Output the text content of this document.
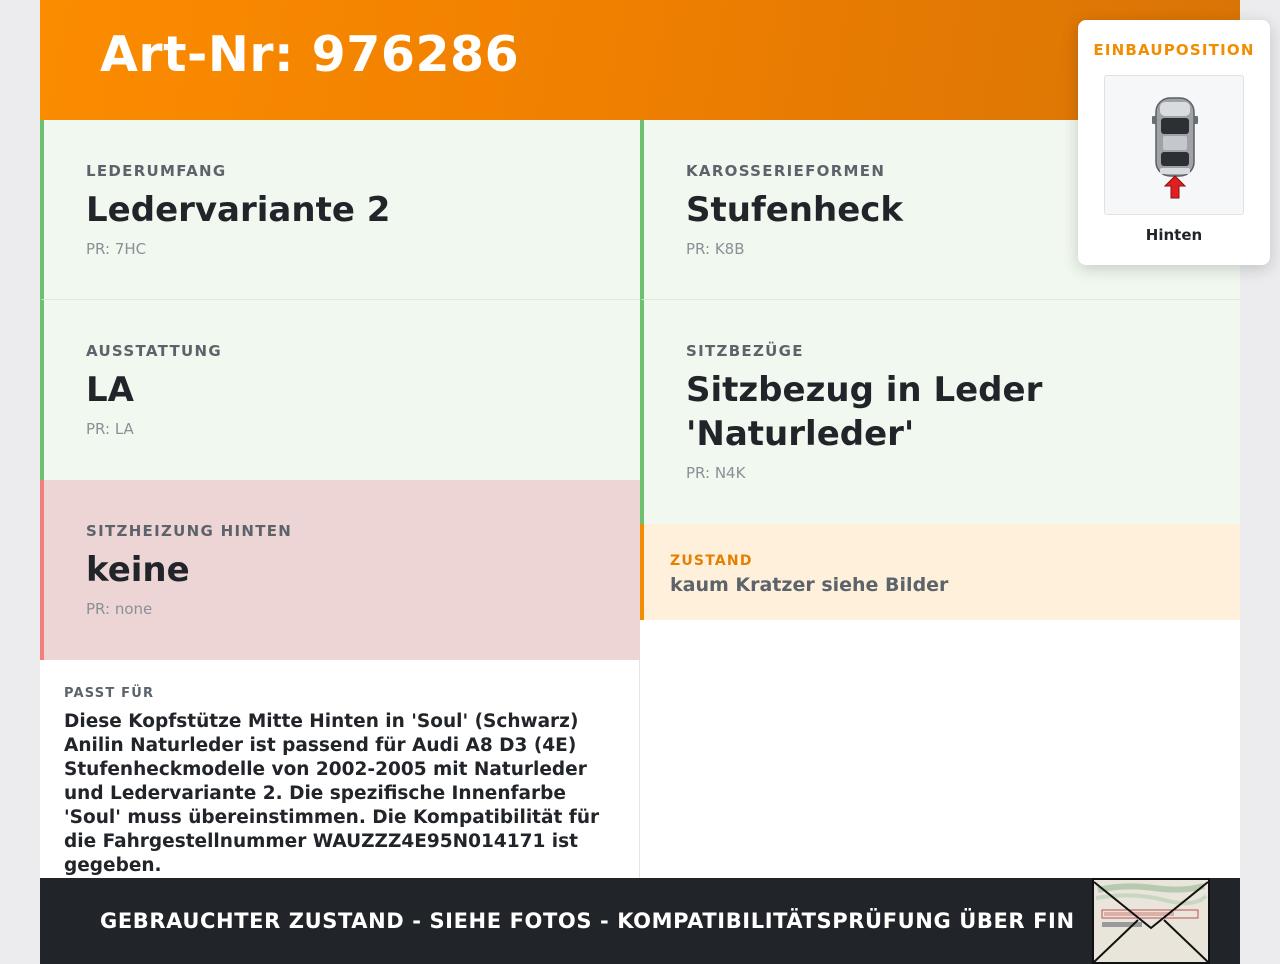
Art-Nr: 976286
LEDERUMFANG
Ledervariante 2
PR: 7HC
KAROSSERIEFORMEN
Stufenheck
PR: K8B
AUSSTATTUNG
LA
PR: LA
SITZBEZÜGE
Sitzbezug in Leder 'Naturleder'
PR: N4K
SITZHEIZUNG HINTEN
keine
PR: none
ZUSTAND
kaum Kratzer siehe Bilder
PASST FÜR
Diese Kopfstütze Mitte Hinten in 'Soul' (Schwarz) Anilin Naturleder ist passend für Audi A8 D3 (4E) Stufenheckmodelle von 2002-2005 mit Naturleder und Ledervariante 2. Die spezifische Innenfarbe 'Soul' muss übereinstimmen. Die Kompatibilität für die Fahrgestellnummer WAUZZZ4E95N014171 ist gegeben.
GEBRAUCHTER ZUSTAND - SIEHE FOTOS - KOMPATIBILITÄTSPRÜFUNG ÜBER FIN
EINBAUPOSITION
Hinten
